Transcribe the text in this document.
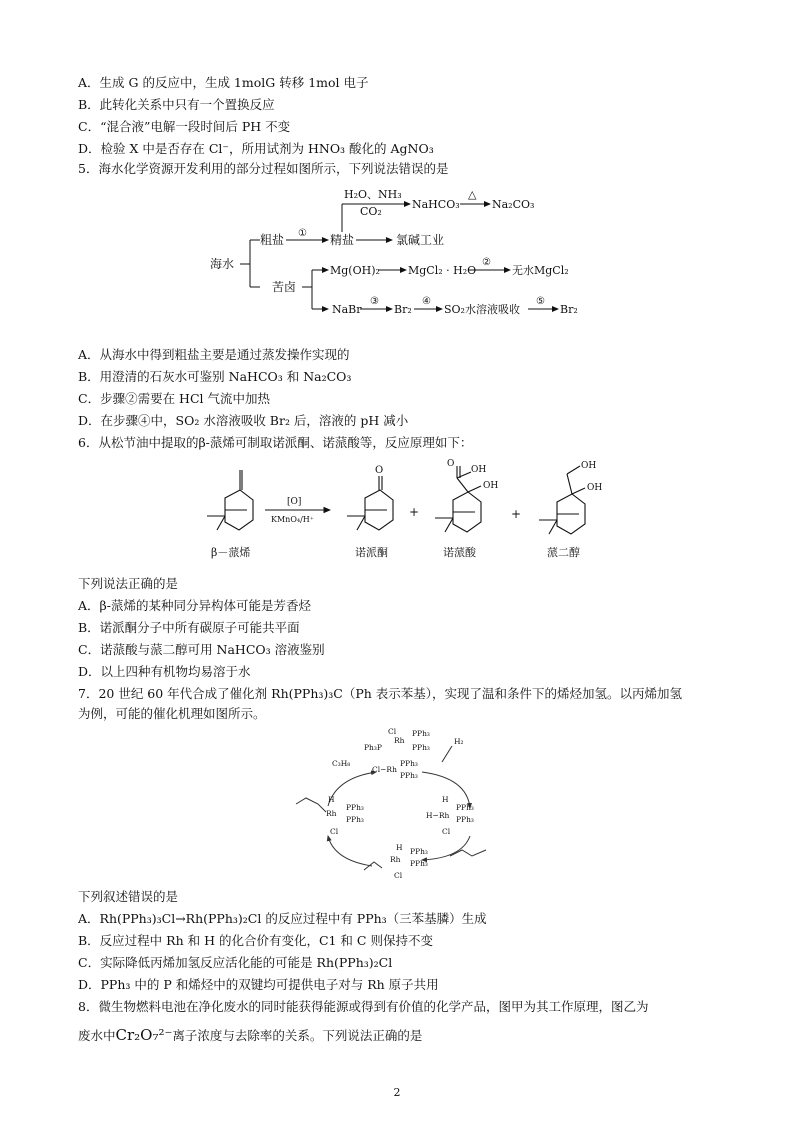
A．生成 G 的反应中，生成 1molG 转移 1mol 电子
B．此转化关系中只有一个置换反应
C．“混合液”电解一段时间后 PH 不变
D．检验 X 中是否存在 Cl⁻，所用试剂为 HNO₃ 酸化的 AgNO₃
5．海水化学资源开发利用的部分过程如图所示，下列说法错误的是
海水
粗盐 ① 精盐	氯碱工业
H₂O、NH₃
CO₂
NaHCO₃
△
Na₂CO₃
苦卤
Mg(OH)₂	MgCl₂ · H₂O
②
无水MgCl₂
NaBr
③
Br₂
④
SO₂水溶液吸收
⑤
Br₂
A．从海水中得到粗盐主要是通过蒸发操作实现的
B．用澄清的石灰水可鉴别 NaHCO₃ 和 Na₂CO₃
C．步骤②需要在 HCl 气流中加热
D．在步骤④中，SO₂ 水溶液吸收 Br₂ 后，溶液的 pH 减小
6．从松节油中提取的β-蒎烯可制取诺派酮、诺蒎酸等，反应原理如下：
[O]
KMnO₄/H⁺
O
+
O
OH
OH
+
OH
OH
β－蒎烯	诺派酮	诺蒎酸	蒎二醇
下列说法正确的是
A．β-蒎烯的某种同分异构体可能是芳香烃
B．诺派酮分子中所有碳原子可能共平面
C．诺蒎酸与蒎二醇可用 NaHCO₃ 溶液鉴别
D．以上四种有机物均易溶于水
7．20 世纪 60 年代合成了催化剂 Rh(PPh₃)₃C（Ph 表示苯基），实现了温和条件下的烯烃加氢。以丙烯加氢
为例，可能的催化机理如图所示。
Cl
Rh
PPh₃
Ph₃P	PPh₃
Cl−Rh
PPh₃
PPh₃
C₃H₈
H₂
H
Rh
PPh₃
PPh₃
Cl
H
H−Rh
PPh₃
PPh₃
Cl
H
Rh
PPh₃
PPh₃
Cl
下列叙述错误的是
A．Rh(PPh₃)₃Cl→Rh(PPh₃)₂Cl 的反应过程中有 PPh₃（三苯基膦）生成
B．反应过程中 Rh 和 H 的化合价有变化，C1 和 C 则保持不变
C．实际降低丙烯加氢反应活化能的可能是 Rh(PPh₃)₂Cl
D．PPh₃ 中的 P 和烯烃中的双键均可提供电子对与 Rh 原子共用
8．微生物燃料电池在净化废水的同时能获得能源或得到有价值的化学产品，图甲为其工作原理，图乙为
废水中Cr₂O₇²⁻离子浓度与去除率的关系。下列说法正确的是
2
